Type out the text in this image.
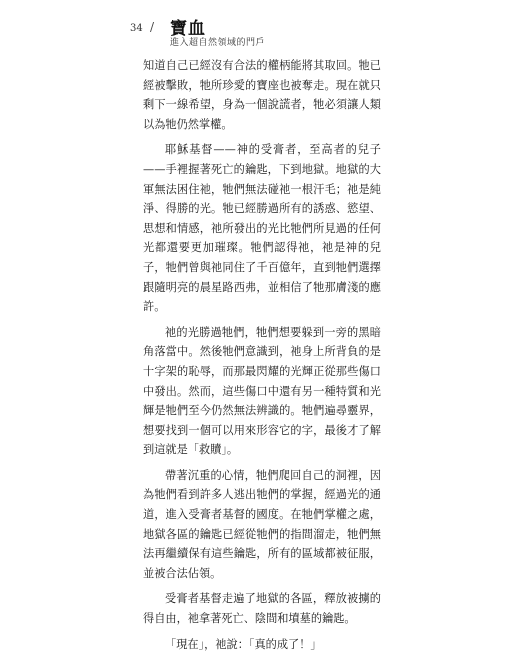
34 / 寶血
進入超自然領域的門戶

知道自己已經沒有合法的權柄能將其取回。牠已經被擊敗，牠所珍愛的寶座也被奪走。現在就只剩下一線希望，身為一個說謊者，牠必須讓人類以為牠仍然掌權。

耶穌基督——神的受膏者，至高者的兒子——手裡握著死亡的鑰匙，下到地獄。地獄的大軍無法困住祂，牠們無法碰祂一根汗毛；祂是純淨、得勝的光。牠已經勝過所有的誘惑、慾望、思想和情感，祂所發出的光比牠們所見過的任何光都還要更加璀璨。牠們認得祂，祂是神的兒子，牠們曾與祂同住了千百億年，直到牠們選擇跟隨明亮的晨星路西弗，並相信了牠那膚淺的應許。

祂的光勝過牠們，牠們想要躲到一旁的黑暗角落當中。然後牠們意識到，祂身上所背負的是十字架的恥辱，而那最閃耀的光輝正從那些傷口中發出。然而，這些傷口中還有另一種特質和光輝是牠們至今仍然無法辨識的。牠們遍尋靈界，想要找到一個可以用來形容它的字，最後才了解到這就是「救贖」。

帶著沉重的心情，牠們爬回自己的洞裡，因為牠們看到許多人逃出牠們的掌握，經過光的通道，進入受膏者基督的國度。在牠們掌權之處，地獄各區的鑰匙已經從牠們的指間溜走，牠們無法再繼續保有這些鑰匙，所有的區域都被征服，並被合法佔領。

受膏者基督走遍了地獄的各區，釋放被擄的得自由，祂拿著死亡、陰間和墳墓的鑰匙。

「現在」，祂說：「真的成了！」
